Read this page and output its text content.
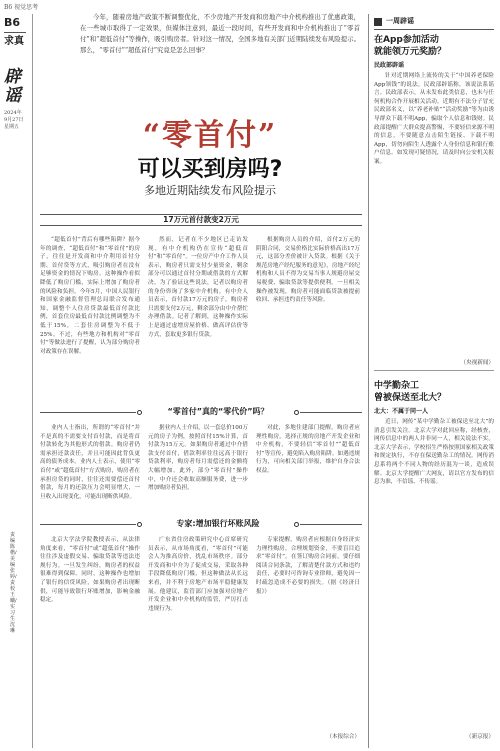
B6 视觉思考
B6
求真
辟谣
2024年
9月27日
星期五
责编 陈楷/美编 张婷/责校 王曦/实习生 沈琳
今年，随着房地产政策不断调整优化，不少房地产开发商和房地产中介机构推出了优惠政策，在一些城市取得了一定效果，但媒体注意到，最近一段时间，有些开发商和中介机构推出了“零首付”和“超低首付”等操作，吸引购房者。针对这一情况，全国多地有关部门近期陆续发布风险提示。那么，“零首付”“超低首付”究竟是怎么回事？
“零首付”
可以买到房吗?
多地近期陆续发布风险提示
17万元首付款变2万元
“超低首付”背后有哪些陷阱？据今年的调查，“超低首付”和“零首付”的房子，往往是开发商和中介利用首付分期、首付贷等方式，吸引购房者在没有足够资金的情况下购房。这种操作看似降低了购房门槛，实际上增加了购房者的风险和负担。今年5月，中国人民银行和国家金融监督管理总局联合发布通知，调整个人住房贷款最低首付款比例，首套住房最低首付款比例调整为不低于15%，二套住房调整为不低于25%。不过，有些地方和机构对“零首付”等做法进行了提醒，认为部分购房者对政策存在误解。
然而，记者在不少地区已走访发现，有中介机构仍在宣传“超低首付”和“零首付”。一位房产中介工作人员表示，购房者只需支付少量资金，剩余部分可以通过首付分期或借款的方式解决。为了验证这些说法，记者以购房者的身份咨询了多家中介机构。有中介人员表示，首付款17万元的房子，购房者只需要支付2万元，剩余部分由中介帮忙办理借款。记者了解到，这种操作实际上是通过虚增房屋价格、做高评估价等方式，套取更多银行贷款。
根据购房人员的介绍，首付2万元的阴阳合同，交易价格比实际价格高出17万元，这部分差价被计入贷款。根据《关于规范房地产经纪服务的意见》，房地产经纪机构和人员不得为交易当事人规避房屋交易税费、骗取贷款等提供便利。一旦相关操作被发现，购房者可能面临贷款被提前收回、承担违约责任等风险。
“零首付”真的“零代价”吗？
业内人士指出，所谓的“零首付”并不是真的不需要支付首付款，而是将首付款转化为其他形式的借款。购房者仍需承担还款责任，并且可能因此背负更高的债务成本。业内人士表示，使用“零首付”或“超低首付”方式购房，购房者在承担房贷的同时，往往还需要偿还首付借款，每月的还款压力会明显增大，一旦收入出现变化，可能出现断供风险。
据业内人士介绍，以一套总价100万元的房子为例，按照首付15%计算，首付款为15万元。如果购房者通过中介借款支付首付，借款利率往往远高于银行贷款利率，购房者每月需偿还的金额将大幅增加。此外，部分“零首付”操作中，中介还会收取高额服务费，进一步增加购房者负担。
对此，多地住建部门提醒，购房者应理性购房，选择正规的房地产开发企业和中介机构，不要轻信“零首付”“超低首付”等宣传，避免陷入购房陷阱。如遇违规行为，可向相关部门举报，维护自身合法权益。
专家:增加银行坏账风险
北京大学法学院教授表示，从法律角度来看，“零首付”或“超低首付”操作往往涉及虚假交易、骗取贷款等违法违规行为。一旦发生纠纷，购房者的权益很难得到保障。同时，这种操作也增加了银行的信贷风险，如果购房者出现断供，可能导致银行坏账增加，影响金融稳定。
广东省住房政策研究中心首席研究员表示，从市场角度看，“零首付”可能会人为推高房价，扰乱市场秩序。部分开发商和中介为了促成交易，采取各种手段降低购房门槛，但这种做法从长远来看，并不利于房地产市场平稳健康发展。他建议，监管部门应加强对房地产开发企业和中介机构的监管，严厉打击违规行为。
专家提醒，购房者应根据自身经济实力理性购房，合理规划资金，不要盲目追求“零首付”。在签订购房合同前，要仔细阅读合同条款，了解清楚付款方式和违约责任，必要时可咨询专业律师，避免因一时疏忽造成不必要的损失。（据《经济日报》）
（本报综合）
一周辟谣
在App参加活动
就能领万元奖励？
民政部辟谣
针对近期网络上流传的关于“中国养老保险App领钱”的说法，民政部辟谣称，该说法系谣言。民政部表示，从未发布此类信息，也未与任何机构合作开展相关活动。近期有不法分子冒充民政部名义，以“养老补贴”“活动奖励”等为由诱导群众下载不明App，骗取个人信息和钱财。民政部提醒广大群众提高警惕，不要轻信来源不明的信息，不要随意点击陌生链接、下载不明App，切勿向陌生人透露个人身份信息和银行账户信息。如发现可疑情况，请及时向公安机关报案。
（央视新闻）
中学勤杂工
曾被保送至北大？
北大：不属于同一人
近日，网传“某中学勤杂工被保送至北大”的消息引发关注。北京大学对此回应称，经核查，网传信息中的两人并非同一人，相关说法不实。北京大学表示，学校招生严格按照国家相关政策和规定执行，不存在保送勤杂工的情况。网传消息系将两个不同人物的经历混为一谈，造成误解。北京大学提醒广大网友，请以官方发布的信息为准，不信谣、不传谣。
（新京报）
